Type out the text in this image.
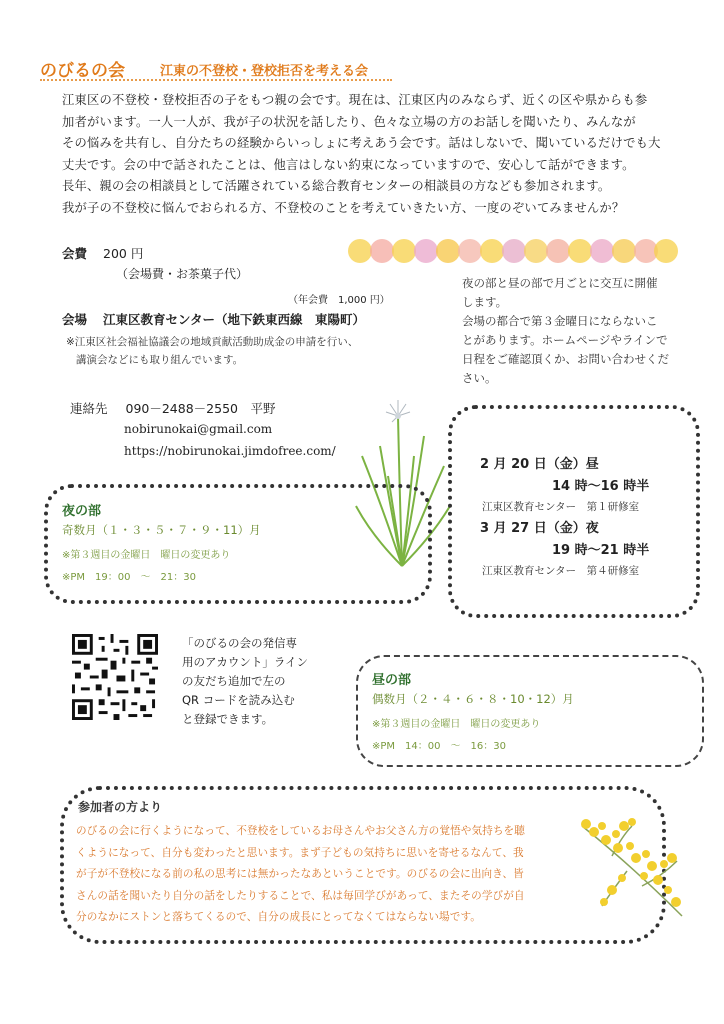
のびるの会	江東の不登校・登校拒否を考える会

江東区の不登校・登校拒否の子をもつ親の会です。現在は、江東区内のみならず、近くの区や県からも参

加者がいます。一人一人が、我が子の状況を話したり、色々な立場の方のお話しを聞いたり、みんなが

その悩みを共有し、自分たちの経験からいっしょに考えあう会です。話はしないで、聞いているだけでも大

丈夫です。会の中で話されたことは、他言はしない約束になっていますので、安心して話ができます。

長年、親の会の相談員として活躍されている総合教育センターの相談員の方なども参加されます。

我が子の不登校に悩んでおられる方、不登校のことを考えていきたい方、一度のぞいてみませんか？

会費 200 円
（会場費・お茶菓子代）
（年会費　1,000 円）
会場 江東区教育センター（地下鉄東西線　東陽町）
※江東区社会福祉協議会の地域貢献活動助成金の申請を行い、
講演会などにも取り組んでいます。
連絡先 090－2488－2550　平野
nobirunokai@gmail.com
https://nobirunokai.jimdofree.com/
夜の部と昼の部で月ごとに交互に開催
します。
会場の都合で第３金曜日にならないこ
とがあります。ホームページやラインで
日程をご確認頂くか、お問い合わせくだ
さい。
2 月 20 日（金）昼
14 時～16 時半
江東区教育センター　第１研修室
3 月 27 日（金）夜
19 時～21 時半
江東区教育センター　第４研修室
夜の部
奇数月（１・３・５・７・９・11）月
※第３週目の金曜日　曜日の変更あり
※PM　19：00　～　21：30
「のびるの会の発信専
用のアカウント」ライン
の友だち追加で左の
QR コードを読み込む
と登録できます。
昼の部
偶数月（２・４・６・８・10・12）月
※第３週目の金曜日　曜日の変更あり
※PM　14：00　～　16：30
参加者の方より

のびるの会に行くようになって、不登校をしているお母さんやお父さん方の覚悟や気持ちを聴

くようになって、自分も変わったと思います。まず子どもの気持ちに思いを寄せるなんて、我

が子が不登校になる前の私の思考には無かったなあということです。のびるの会に出向き、皆

さんの話を聞いたり自分の話をしたりすることで、私は毎回学びがあって、またその学びが自

分のなかにストンと落ちてくるので、自分の成長にとってなくてはならない場です。
